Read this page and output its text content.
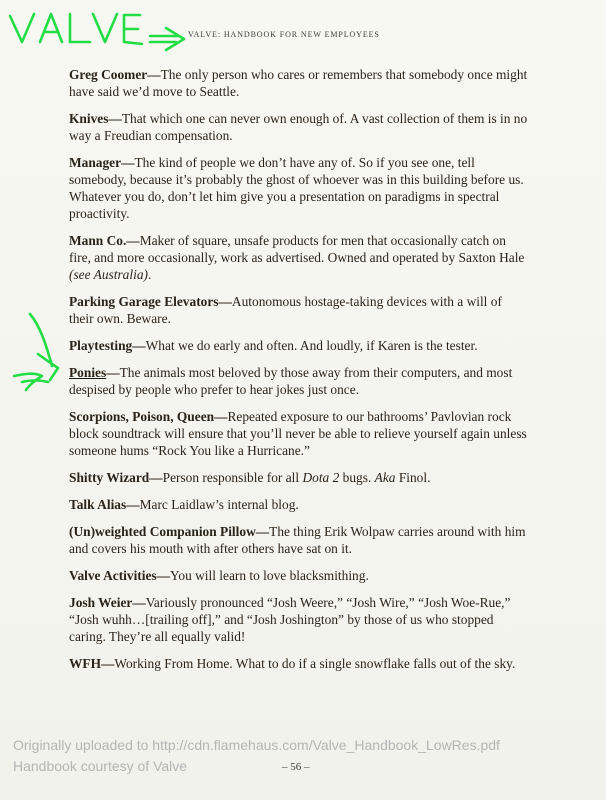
VALVE: HANDBOOK FOR NEW EMPLOYEES
Greg Coomer—The only person who cares or remembers that somebody once might have said we’d move to Seattle.
Knives—That which one can never own enough of. A vast collection of them is in no way a Freudian compensation.
Manager—The kind of people we don’t have any of. So if you see one, tell somebody, because it’s probably the ghost of whoever was in this building before us. Whatever you do, don’t let him give you a presentation on paradigms in spectral proactivity.
Mann Co.—Maker of square, unsafe products for men that occasionally catch on fire, and more occasionally, work as advertised. Owned and operated by Saxton Hale (see Australia).
Parking Garage Elevators—Autonomous hostage-taking devices with a will of their own. Beware.
Playtesting—What we do early and often. And loudly, if Karen is the tester.
Ponies—The animals most beloved by those away from their computers, and most despised by people who prefer to hear jokes just once.
Scorpions, Poison, Queen—Repeated exposure to our bathrooms’ Pavlovian rock block soundtrack will ensure that you’ll never be able to relieve yourself again unless someone hums “Rock You like a Hurricane.”
Shitty Wizard—Person responsible for all Dota 2 bugs. Aka Finol.
Talk Alias—Marc Laidlaw’s internal blog.
(Un)weighted Companion Pillow—The thing Erik Wolpaw carries around with him and covers his mouth with after others have sat on it.
Valve Activities—You will learn to love blacksmithing.
Josh Weier—Variously pronounced “Josh Weere,” “Josh Wire,” “Josh Woe-Rue,” “Josh wuhh…[trailing off],” and “Josh Joshington” by those of us who stopped caring. They’re all equally valid!
WFH—Working From Home. What to do if a single snowflake falls out of the sky.
Originally uploaded to http://cdn.flamehaus.com/Valve_Handbook_LowRes.pdf
Handbook courtesy of Valve	– 56 –
